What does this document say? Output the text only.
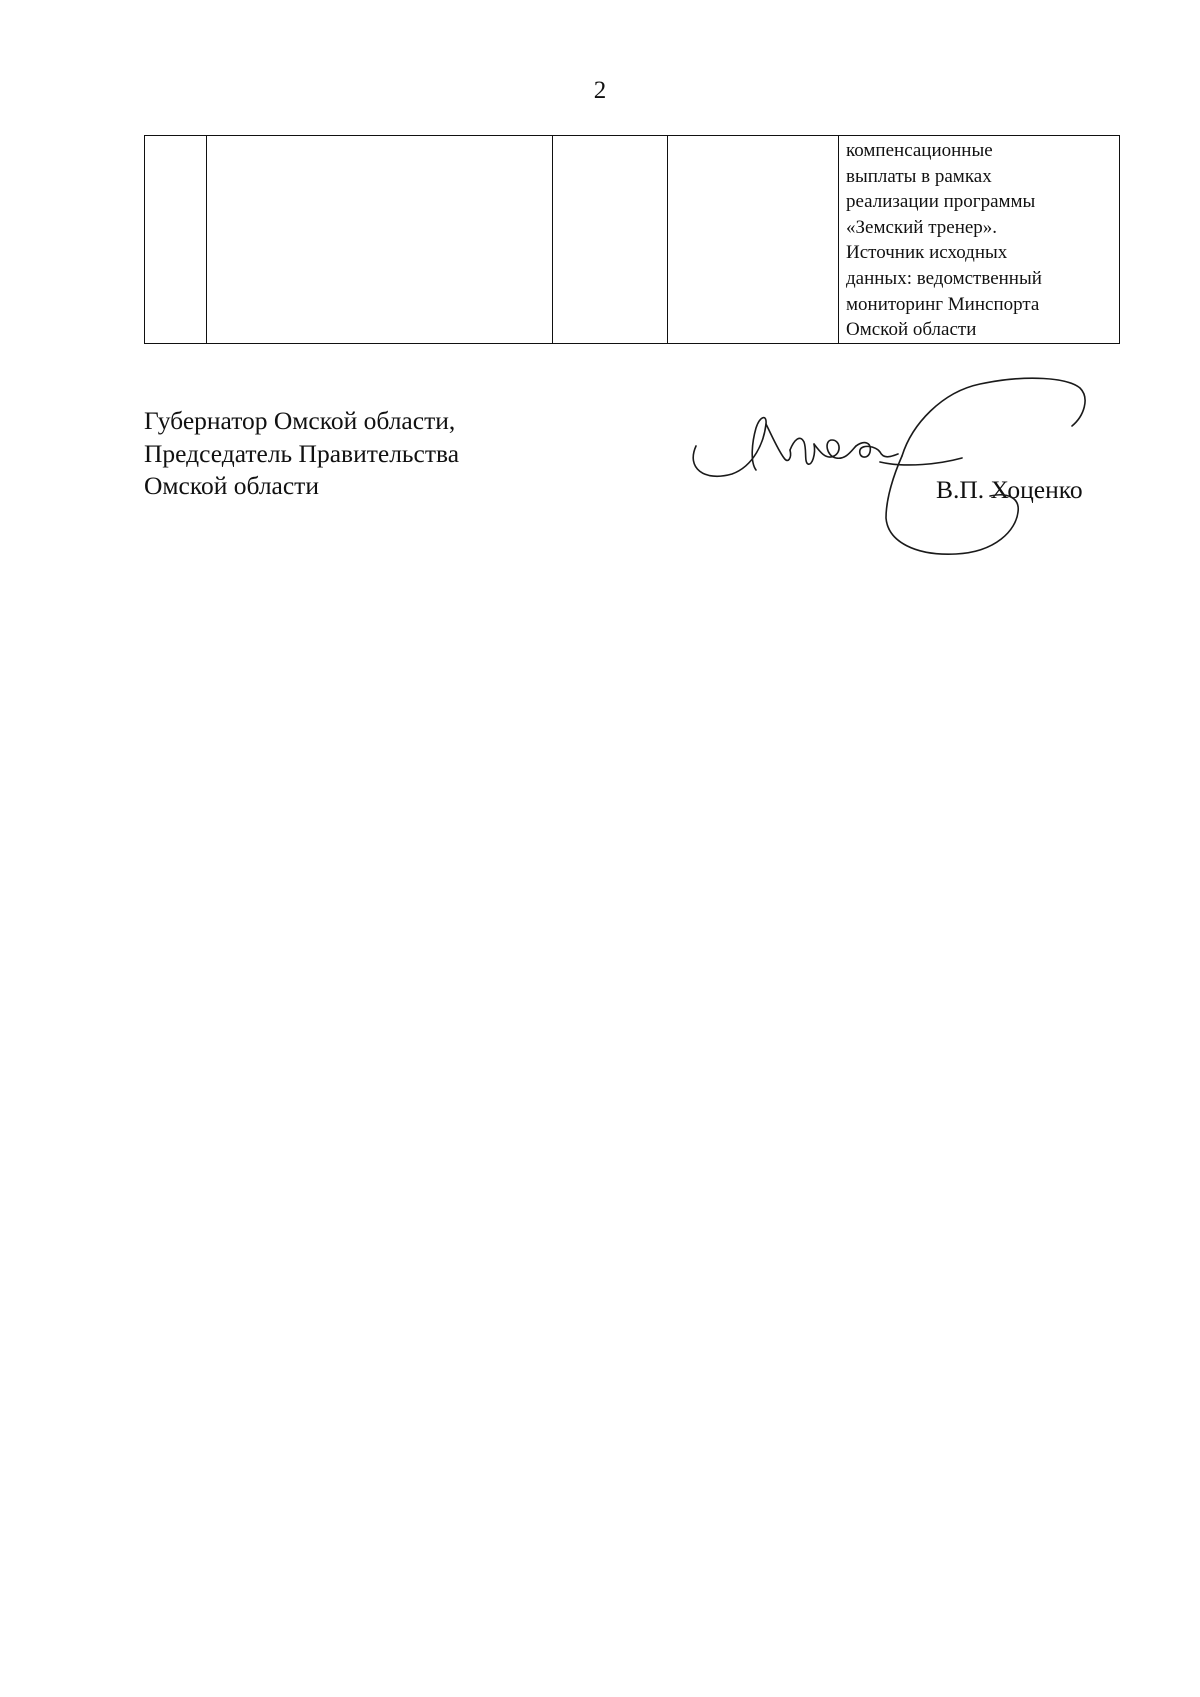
2

компенсационные
выплаты в рамках
реализации программы
«Земский тренер».
Источник исходных
данных: ведомственный
мониторинг Минспорта
Омской области
Губернатор Омской области,
Председатель Правительства
Омской области	В.П. Хоценко
